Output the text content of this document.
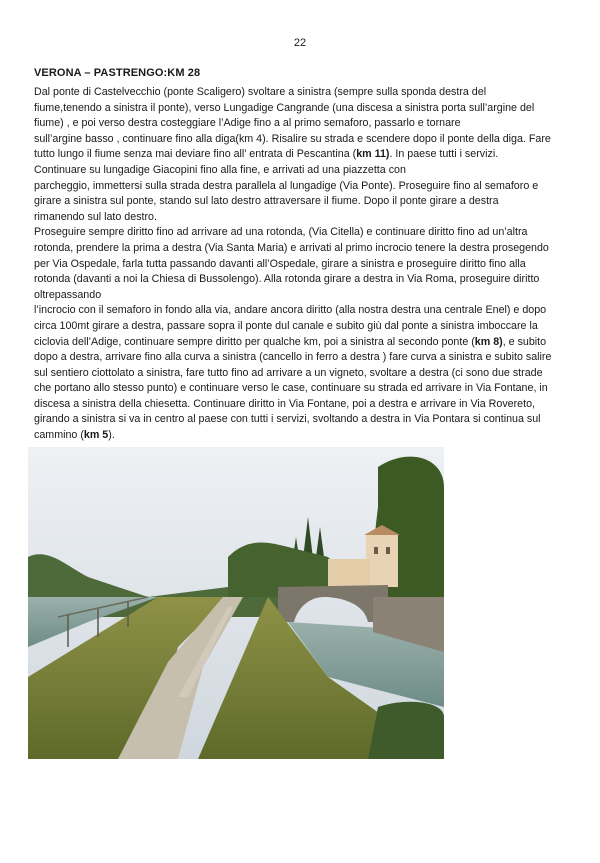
22
VERONA – PASTRENGO:KM 28

Dal ponte di Castelvecchio (ponte Scaligero) svoltare a sinistra (sempre sulla sponda destra del

fiume,tenendo a sinistra il ponte), verso Lungadige Cangrande (una discesa a sinistra porta sull’argine del

fiume) , e poi verso destra costeggiare l’Adige fino a al primo semaforo, passarlo e tornare

sull’argine basso , continuare fino alla diga(km 4). Risalire su strada e scendere dopo il ponte della diga. Fare

tutto lungo il fiume senza mai deviare fino all’ entrata di Pescantina (km 11). In paese tutti i servizi.

Continuare su lungadige Giacopini fino alla fine, e arrivati ad una piazzetta con

parcheggio, immettersi sulla strada destra parallela al lungadige (Via Ponte). Proseguire fino al semaforo e

girare a sinistra sul ponte, stando sul lato destro attraversare il fiume. Dopo il ponte girare a destra

rimanendo sul lato destro.

Proseguire sempre diritto fino ad arrivare ad una rotonda, (Via Citella) e continuare diritto fino ad un’altra

rotonda, prendere la prima a destra (Via Santa Maria) e arrivati al primo incrocio tenere la destra prosegendo

per Via Ospedale, farla tutta passando davanti all’Ospedale, girare a sinistra e proseguire diritto fino alla

rotonda (davanti a noi la Chiesa di Bussolengo). Alla rotonda girare a destra in Via Roma, proseguire diritto

oltrepassando

l’incrocio con il semaforo in fondo alla via, andare ancora diritto (alla nostra destra una centrale Enel) e dopo

circa 100mt girare a destra, passare sopra il ponte dul canale e subito giù dal ponte a sinistra imboccare la

ciclovia dell’Adige, continuare sempre diritto per qualche km, poi a sinistra al secondo ponte (km 8), e subito

dopo a destra, arrivare fino alla curva a sinistra (cancello in ferro a destra ) fare curva a sinistra e subito salire

sul sentiero ciottolato a sinistra, fare tutto fino ad arrivare a un vigneto, svoltare a destra (ci sono due strade

che portano allo stesso punto) e continuare verso le case, continuare su strada ed arrivare in Via Fontane, in

discesa a sinistra della chiesetta. Continuare diritto in Via Fontane, poi a destra e arrivare in Via Rovereto,

girando a sinistra si va in centro al paese con tutti i servizi, svoltando a destra in Via Pontara si continua sul

cammino (km 5).
